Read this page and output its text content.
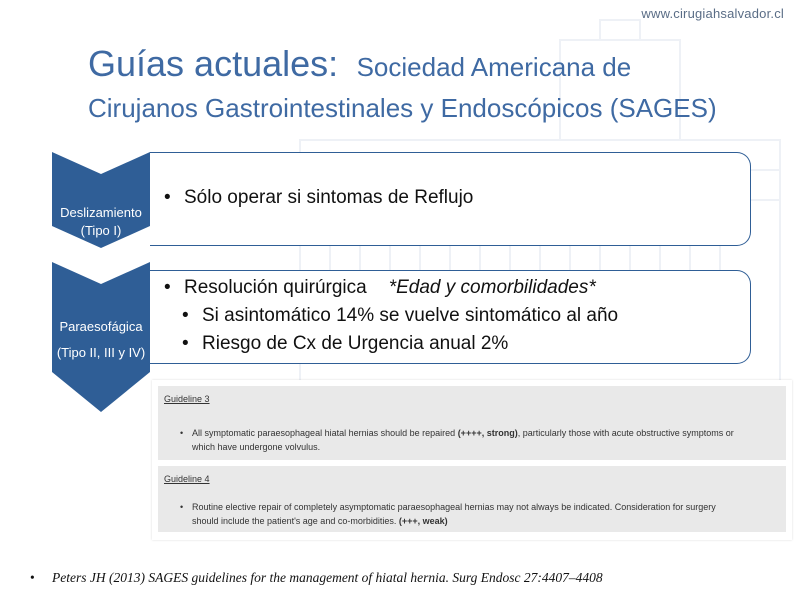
www.cirugiahsalvador.cl
Guías actuales: Sociedad Americana de
Cirujanos Gastrointestinales y Endoscópicos (SAGES)
Deslizamiento
(Tipo I)
• Sólo operar si sintomas de Reflujo
Paraesofágica
(Tipo II, III y IV)
• Resolución quirúrgica *Edad y comorbilidades*
• Si asintomático 14% se vuelve sintomático al año
• Riesgo de Cx de Urgencia anual 2%
Guideline 3
• All symptomatic paraesophageal hiatal hernias should be repaired (++++, strong), particularly those with acute obstructive symptoms or
which have undergone volvulus.
Guideline 4
• Routine elective repair of completely asymptomatic paraesophageal hernias may not always be indicated. Consideration for surgery
should include the patient's age and co-morbidities. (+++, weak)
• Peters JH (2013) SAGES guidelines for the management of hiatal hernia. Surg Endosc 27:4407–4408
